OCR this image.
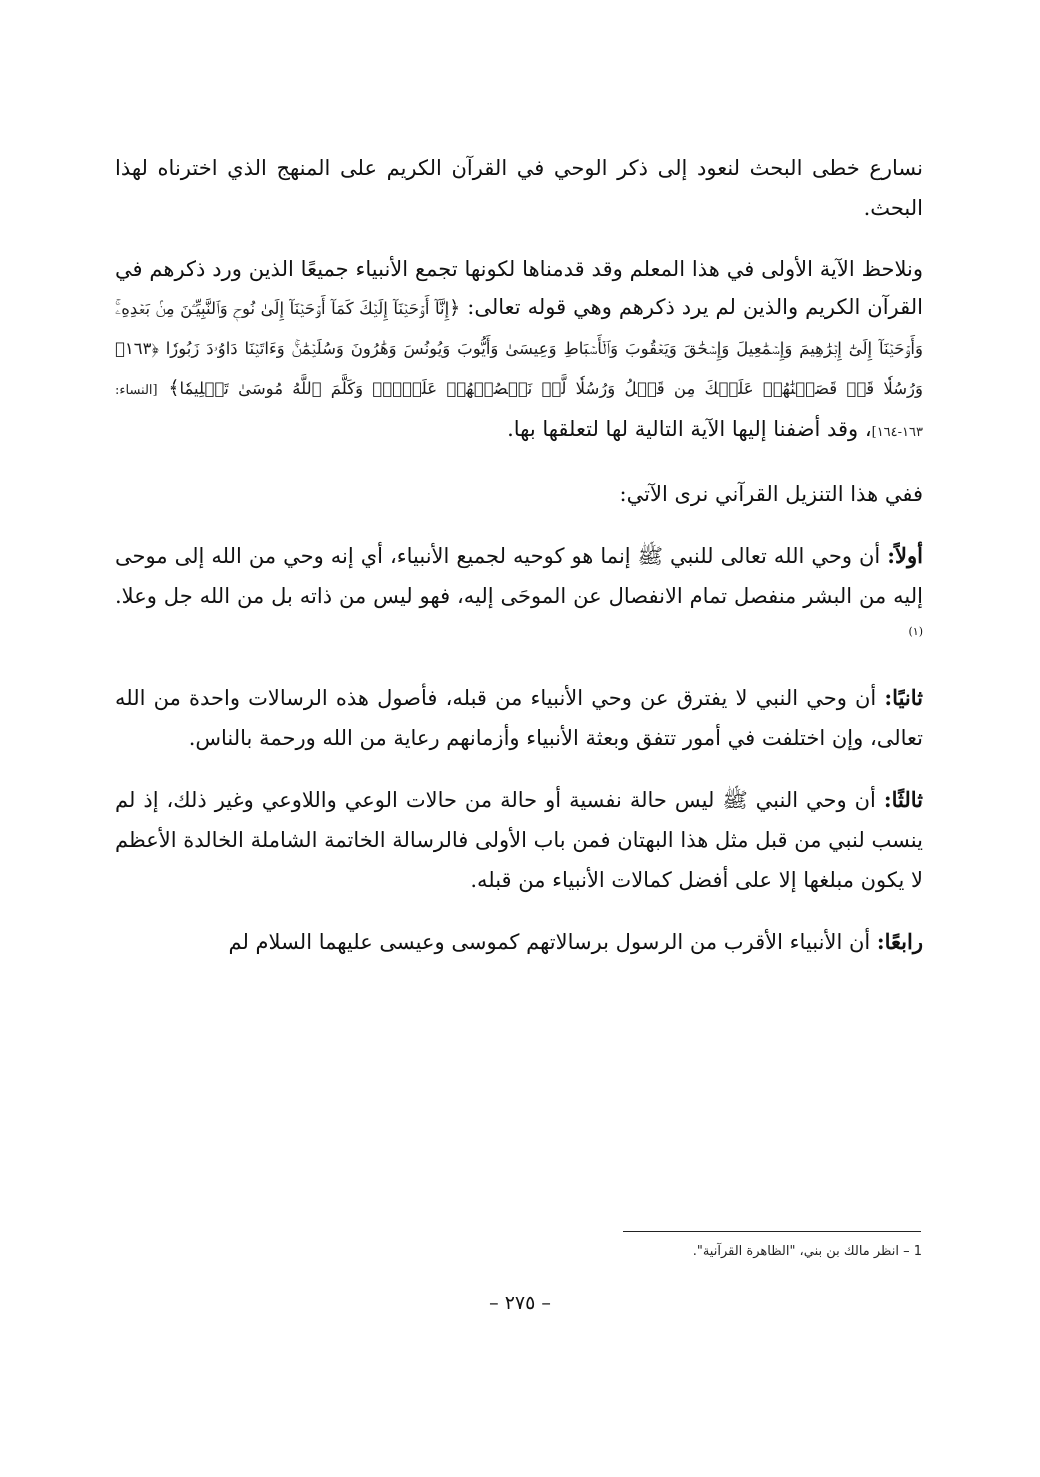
نسارع خطى البحث لنعود إلى ذكر الوحي في القرآن الكريم على المنهج الذي اخترناه لهذا البحث.

ونلاحظ الآية الأولى في هذا المعلم وقد قدمناها لكونها تجمع الأنبياء جميعًا الذين ورد ذكرهم في القرآن الكريم والذين لم يرد ذكرهم وهي قوله تعالى: ﴿إِنَّآ أَوۡحَيۡنَآ إِلَيۡكَ كَمَآ أَوۡحَيۡنَآ إِلَىٰ نُوحٖ وَٱلنَّبِيِّـۧنَ مِنۢ بَعۡدِهِۦۚ وَأَوۡحَيۡنَآ إِلَىٰٓ إِبۡرَٰهِيمَ وَإِسۡمَٰعِيلَ وَإِسۡحَٰقَ وَيَعۡقُوبَ وَٱلۡأَسۡبَاطِ وَعِيسَىٰ وَأَيُّوبَ وَيُونُسَ وَهَٰرُونَ وَسُلَيۡمَٰنَۚ وَءَاتَيۡنَا دَاوُۥدَ زَبُورٗا ﴿١٦٣﴾ وَرُسُلٗا قَدۡ قَصَصۡنَٰهُمۡ عَلَيۡكَ مِن قَبۡلُ وَرُسُلٗا لَّمۡ نَقۡصُصۡهُمۡ عَلَيۡكَۚ وَكَلَّمَ ٱللَّهُ مُوسَىٰ تَكۡلِيمٗا﴾ [النساء: ١٦٣-١٦٤]، وقد أضفنا إليها الآية التالية لها لتعلقها بها.

ففي هذا التنزيل القرآني نرى الآتي:

أولاً: أن وحي الله تعالى للنبي ﷺ إنما هو كوحيه لجميع الأنبياء، أي إنه وحي من الله إلى موحى إليه من البشر منفصل تمام الانفصال عن الموحَى إليه، فهو ليس من ذاته بل من الله جل وعلا.$^{(١)}$

ثانيًا: أن وحي النبي لا يفترق عن وحي الأنبياء من قبله، فأصول هذه الرسالات واحدة من الله تعالى، وإن اختلفت في أمور تتفق وبعثة الأنبياء وأزمانهم رعاية من الله ورحمة بالناس.

ثالثًا: أن وحي النبي ﷺ ليس حالة نفسية أو حالة من حالات الوعي واللاوعي وغير ذلك، إذ لم ينسب لنبي من قبل مثل هذا البهتان فمن باب الأولى فالرسالة الخاتمة الشاملة الخالدة الأعظم لا يكون مبلغها إلا على أفضل كمالات الأنبياء من قبله.

رابعًا: أن الأنبياء الأقرب من الرسول برسالاتهم كموسى وعيسى عليهما السلام لم

1 – انظر مالك بن بني، "الظاهرة القرآنية".
– ٢٧٥ –
